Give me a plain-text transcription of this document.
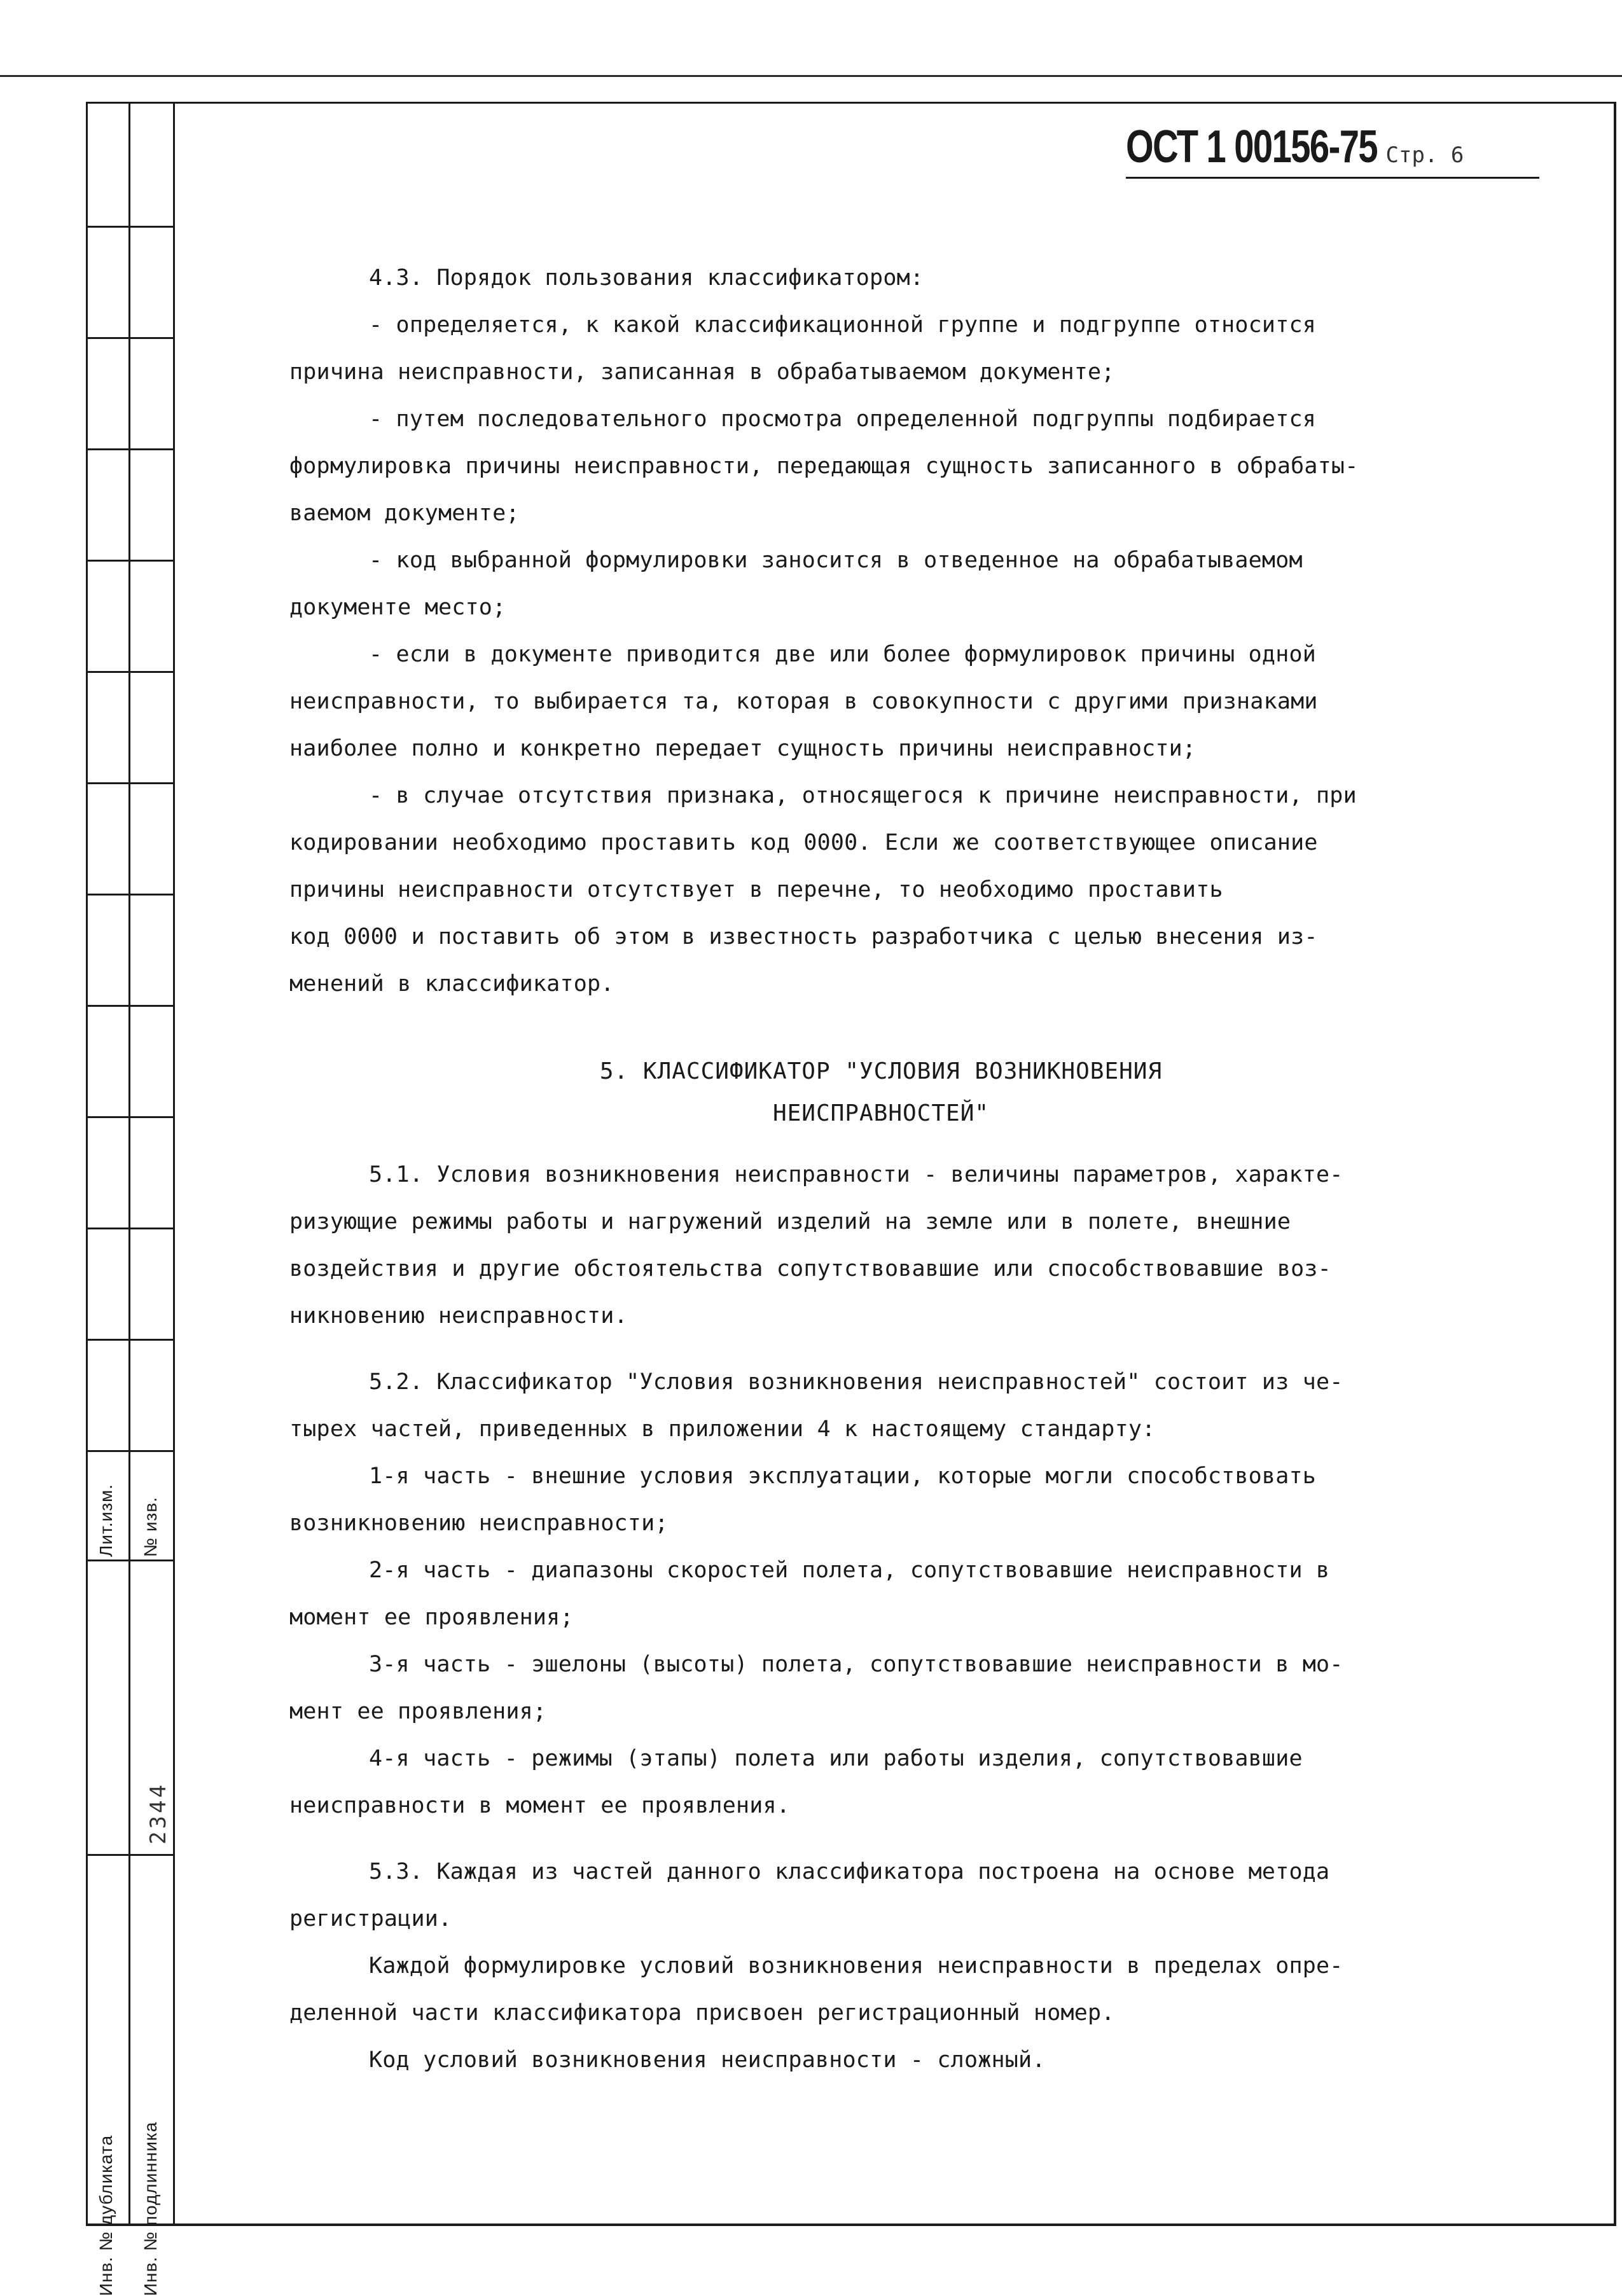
Лит.изм. № изв.
2344
Инв. № дубликата Инв. № подлинника
ОСТ 1 00156-75 Стр. 6

4.3. Порядок пользования классификатором:

- определяется, к какой классификационной группе и подгруппе относится

причина неисправности, записанная в обрабатываемом документе;

- путем последовательного просмотра определенной подгруппы подбирается

формулировка причины неисправности, передающая сущность записанного в обрабаты-

ваемом документе;

- код выбранной формулировки заносится в отведенное на обрабатываемом

документе место;

- если в документе приводится две или более формулировок причины одной

неисправности, то выбирается та, которая в совокупности с другими признаками

наиболее полно и конкретно передает сущность причины неисправности;

- в случае отсутствия признака, относящегося к причине неисправности, при

кодировании необходимо проставить код 0000. Если же соответствующее описание

причины неисправности отсутствует в перечне, то необходимо проставить

код 0000 и поставить об этом в известность разработчика с целью внесения из-

менений в классификатор.

5. КЛАССИФИКАТОР "УСЛОВИЯ ВОЗНИКНОВЕНИЯ

НЕИСПРАВНОСТЕЙ"

5.1. Условия возникновения неисправности - величины параметров, характе-

ризующие режимы работы и нагружений изделий на земле или в полете, внешние

воздействия и другие обстоятельства сопутствовавшие или способствовавшие воз-

никновению неисправности.

5.2. Классификатор "Условия возникновения неисправностей" состоит из че-

тырех частей, приведенных в приложении 4 к настоящему стандарту:

1-я часть - внешние условия эксплуатации, которые могли способствовать

возникновению неисправности;

2-я часть - диапазоны скоростей полета, сопутствовавшие неисправности в

момент ее проявления;

3-я часть - эшелоны (высоты) полета, сопутствовавшие неисправности в мо-

мент ее проявления;

4-я часть - режимы (этапы) полета или работы изделия, сопутствовавшие

неисправности в момент ее проявления.

5.3. Каждая из частей данного классификатора построена на основе метода

регистрации.

Каждой формулировке условий возникновения неисправности в пределах опре-

деленной части классификатора присвоен регистрационный номер.

Код условий возникновения неисправности - сложный.
